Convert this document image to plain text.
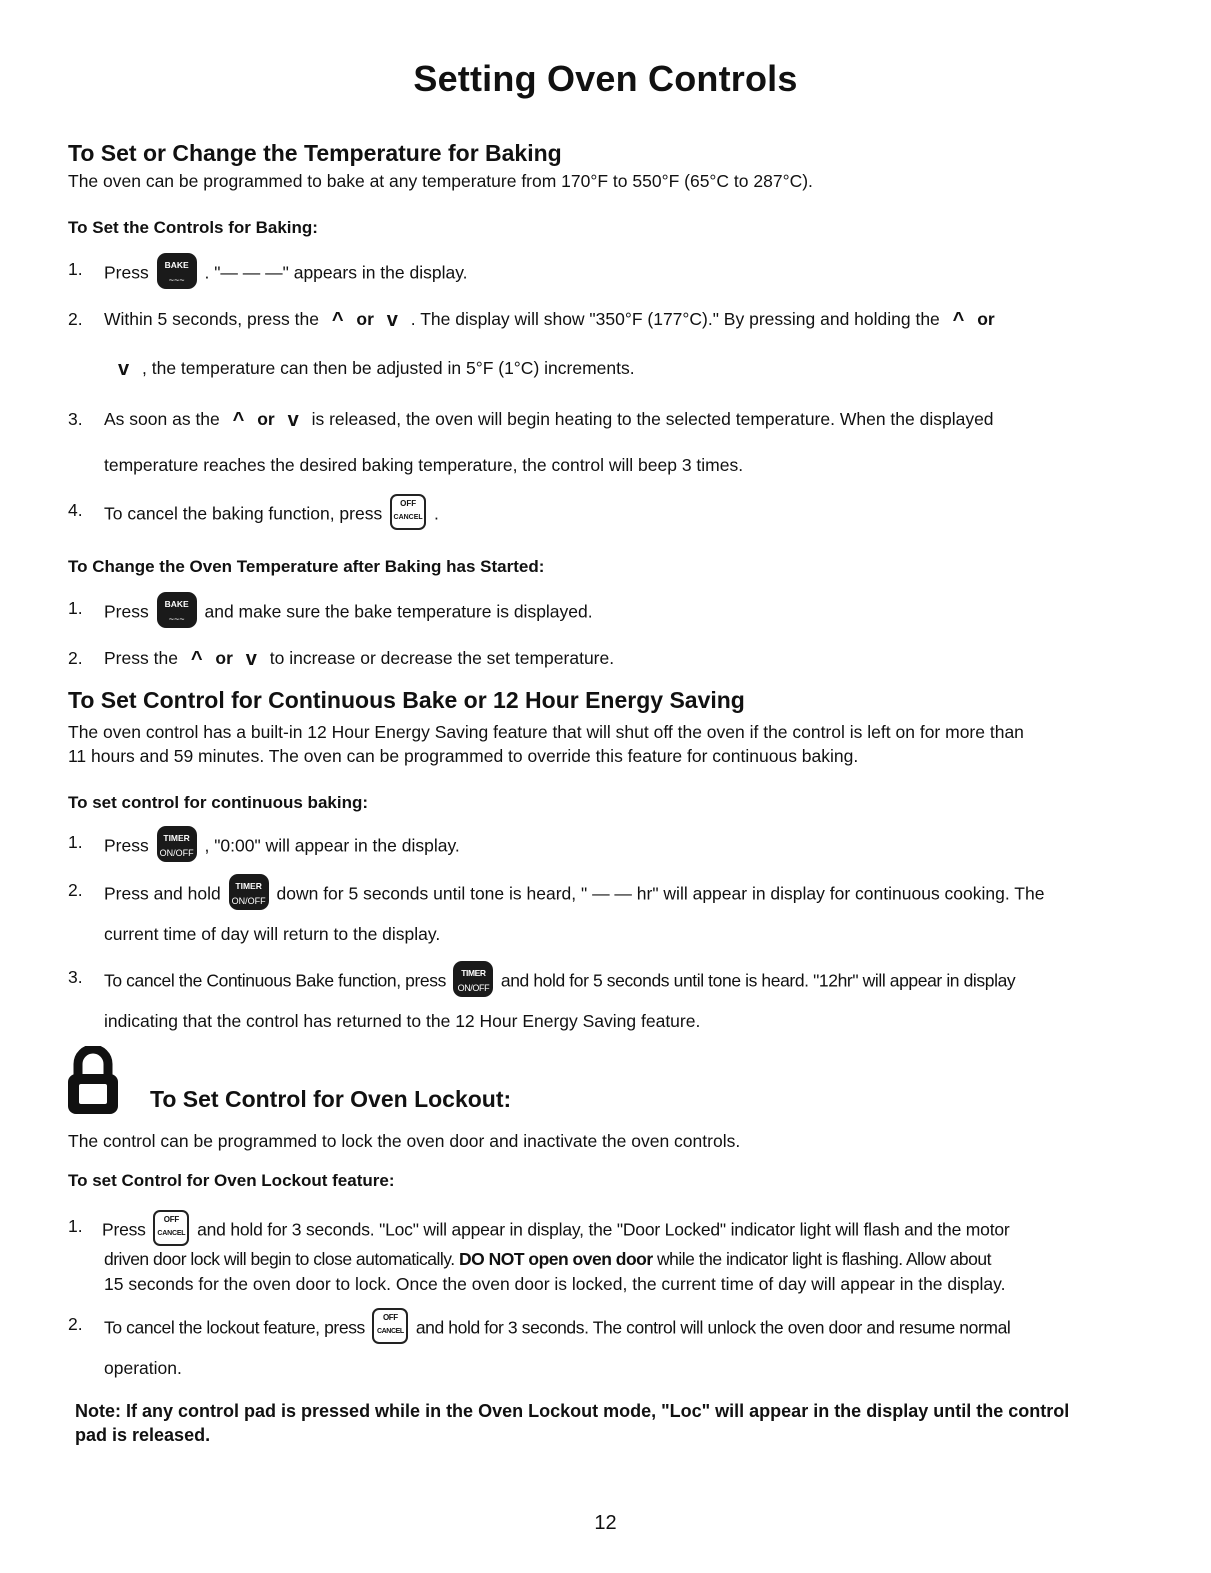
Setting Oven Controls
To Set or Change the Temperature for Baking
The oven can be programmed to bake at any temperature from 170°F to 550°F (65°C to 287°C).
To Set the Controls for Baking:
1. Press	BAKE
~~~	. "— — —" appears in the display.
2. Within 5 seconds, press the ^ or v . The display will show "350°F (177°C)." By pressing and holding the ^ or
v , the temperature can then be adjusted in 5°F (1°C) increments.
3. As soon as the ^ or v is released, the oven will begin heating to the selected temperature. When the displayed
temperature reaches the desired baking temperature, the control will beep 3 times.
4. To cancel the baking function, press
OFF
CANCEL .
To Change the Oven Temperature after Baking has Started:
1. Press	BAKE
~~~	and make sure the bake temperature is displayed.
2. Press the ^ or v to increase or decrease the set temperature.
To Set Control for Continuous Bake or 12 Hour Energy Saving
The oven control has a built-in 12 Hour Energy Saving feature that will shut off the oven if the control is left on for more than
11 hours and 59 minutes. The oven can be programmed to override this feature for continuous baking.
To set control for continuous baking:
1. Press	TIMER
ON/OFF , "0:00" will appear in the display.
2. Press and hold	TIMER
ON/OFF down for 5 seconds until tone is heard, " — — hr" will appear in display for continuous cooking. The
current time of day will return to the display.
3. To cancel the Continuous Bake function, press	TIMER
ON/OFF and hold for 5 seconds until tone is heard. "12hr" will appear in display
indicating that the control has returned to the 12 Hour Energy Saving feature.
To Set Control for Oven Lockout:
The control can be programmed to lock the oven door and inactivate the oven controls.
To set Control for Oven Lockout feature:
1. Press
OFF
CANCEL and hold for 3 seconds. "Loc" will appear in display, the "Door Locked" indicator light will flash and the motor
driven door lock will begin to close automatically. DO NOT open oven door while the indicator light is flashing. Allow about
15 seconds for the oven door to lock. Once the oven door is locked, the current time of day will appear in the display.
2. To cancel the lockout feature, press
OFF
CANCEL and hold for 3 seconds. The control will unlock the oven door and resume normal
operation.
Note: If any control pad is pressed while in the Oven Lockout mode, "Loc" will appear in the display until the control
pad is released.
12
